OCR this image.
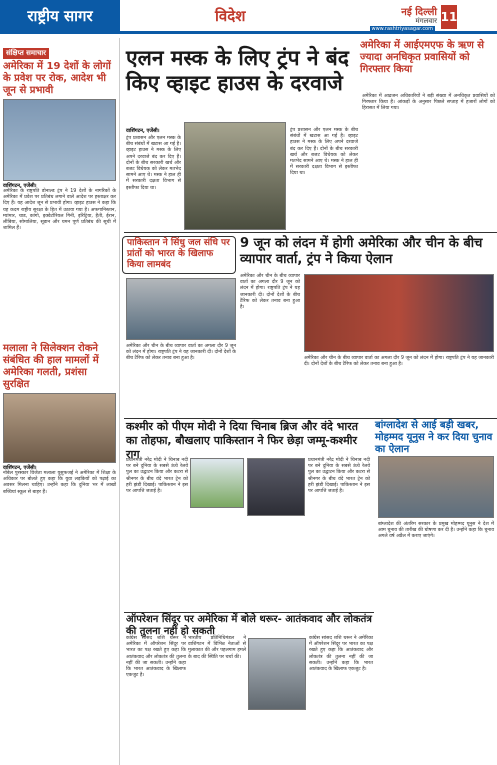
राष्ट्रीय सागर	विदेश	नई दिल्ली
मंगलवार
www.rashtriyasagar.com
11
संक्षिप्त समाचार
अमेरिका में 19 देशों के लोगों के प्रवेश पर रोक, आदेश भी जून से प्रभावी
वाशिंगटन, एजेंसी।
अमेरिका के राष्ट्रपति डोनाल्ड ट्रंप ने 19 देशों के नागरिकों के अमेरिका में प्रवेश पर प्रतिबंध लगाने वाले आदेश पर हस्ताक्षर कर दिए हैं। यह आदेश जून से प्रभावी होगा। व्हाइट हाउस ने कहा कि यह कदम राष्ट्रीय सुरक्षा के हित में उठाया गया है। अफगानिस्तान, म्यांमार, चाड, कांगो, इक्वेटोरियल गिनी, इरिट्रिया, हैती, ईरान, लीबिया, सोमालिया, सूडान और यमन पूर्ण प्रतिबंध की सूची में शामिल हैं।
मलाला ने सिलेक्शन रोकने संबंधित की हाल मामलों में अमेरिका गलती, प्रशंसा सुरक्षित
वाशिंगटन, एजेंसी।
नोबेल पुरस्कार विजेता मलाला यूसुफजई ने अमेरिका में शिक्षा के अधिकार पर बोलते हुए कहा कि युवा लड़कियों को पढ़ाई का अवसर मिलना चाहिए। उन्होंने कहा कि दुनिया भर में लाखों बच्चियां स्कूल से बाहर हैं।
एलन मस्क के लिए ट्रंप ने बंद किए व्हाइट हाउस के दरवाजे
अमेरिका में आईएमएफ के ऋण से ज्यादा अनधिकृत प्रवासियों को गिरफ्तार किया
अमेरिका में आव्रजन अधिकारियों ने बड़ी संख्या में अनधिकृत प्रवासियों को गिरफ्तार किया है। आंकड़ों के अनुसार पिछले सप्ताह में हजारों लोगों को हिरासत में लिया गया।
वाशिंगटन, एजेंसी।
ट्रंप प्रशासन और एलन मस्क के बीच संबंधों में खटास आ गई है। व्हाइट हाउस ने मस्क के लिए अपने दरवाजे बंद कर दिए हैं। दोनों के बीच सरकारी खर्च और बजट विधेयक को लेकर मतभेद सामने आए थे। मस्क ने हाल ही में सरकारी दक्षता विभाग से इस्तीफा दिया था।
ट्रंप प्रशासन और एलन मस्क के बीच संबंधों में खटास आ गई है। व्हाइट हाउस ने मस्क के लिए अपने दरवाजे बंद कर दिए हैं। दोनों के बीच सरकारी खर्च और बजट विधेयक को लेकर मतभेद सामने आए थे। मस्क ने हाल ही में सरकारी दक्षता विभाग से इस्तीफा दिया था।
पाकिस्तान ने सिंधु जल संधि पर प्रांतों को भारत के खिलाफ किया लामबंद
अमेरिका और चीन के बीच व्यापार वार्ता का अगला दौर 9 जून को लंदन में होगा। राष्ट्रपति ट्रंप ने यह जानकारी दी। दोनों देशों के बीच टैरिफ को लेकर तनाव बना हुआ है।
9 जून को लंदन में होगी अमेरिका और चीन के बीच व्यापार वार्ता, ट्रंप ने किया ऐलान
अमेरिका और चीन के बीच व्यापार वार्ता का अगला दौर 9 जून को लंदन में होगा। राष्ट्रपति ट्रंप ने यह जानकारी दी। दोनों देशों के बीच टैरिफ को लेकर तनाव बना हुआ है।
अमेरिका और चीन के बीच व्यापार वार्ता का अगला दौर 9 जून को लंदन में होगा। राष्ट्रपति ट्रंप ने यह जानकारी दी। दोनों देशों के बीच टैरिफ को लेकर तनाव बना हुआ है।
कश्मीर को पीएम मोदी ने दिया चिनाब ब्रिज और वंदे भारत का तोहफा, बौखलाए पाकिस्तान ने फिर छेड़ा जम्मू-कश्मीर राग
प्रधानमंत्री नरेंद्र मोदी ने चिनाब नदी पर बने दुनिया के सबसे ऊंचे रेलवे पुल का उद्घाटन किया और कटरा से श्रीनगर के बीच वंदे भारत ट्रेन को हरी झंडी दिखाई। पाकिस्तान ने इस पर आपत्ति जताई है।
प्रधानमंत्री नरेंद्र मोदी ने चिनाब नदी पर बने दुनिया के सबसे ऊंचे रेलवे पुल का उद्घाटन किया और कटरा से श्रीनगर के बीच वंदे भारत ट्रेन को हरी झंडी दिखाई। पाकिस्तान ने इस पर आपत्ति जताई है।
बांग्लादेश से आई बड़ी खबर, मोहम्मद यूनुस ने कर दिया चुनाव का ऐलान
बांग्लादेश की अंतरिम सरकार के प्रमुख मोहम्मद यूनुस ने देश में आम चुनाव की तारीख की घोषणा कर दी है। उन्होंने कहा कि चुनाव अगले वर्ष अप्रैल में कराए जाएंगे।
ऑपरेशन सिंदूर पर अमेरिका में बोले थरूर- आतंकवाद और लोकतंत्र की तुलना नहीं हो सकती
कांग्रेस सांसद शशि थरूर ने अमेरिका में ऑपरेशन सिंदूर पर भारत का पक्ष रखते हुए कहा कि आतंकवाद और लोकतंत्र की तुलना नहीं की जा सकती। उन्होंने कहा कि भारत आतंकवाद के खिलाफ एकजुट है।
भारतीय प्रतिनिधिमंडल ने वाशिंगटन में विभिन्न नेताओं से मुलाकात की और पहलगाम हमले के बाद की स्थिति पर चर्चा की।
कांग्रेस सांसद शशि थरूर ने अमेरिका में ऑपरेशन सिंदूर पर भारत का पक्ष रखते हुए कहा कि आतंकवाद और लोकतंत्र की तुलना नहीं की जा सकती। उन्होंने कहा कि भारत आतंकवाद के खिलाफ एकजुट है।
